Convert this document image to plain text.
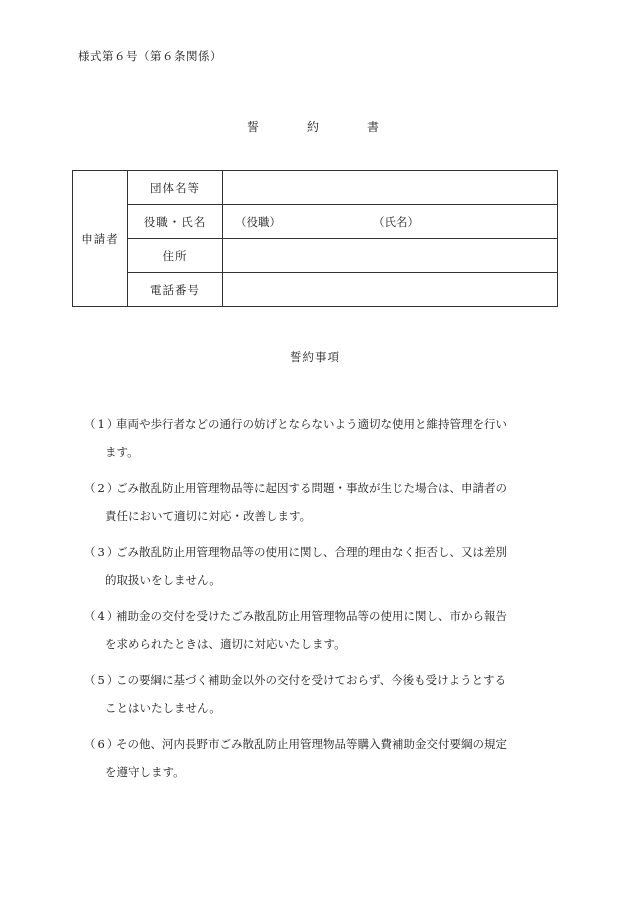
様式第６号（第６条関係）
誓　約　書
申請者	団体名等	
	役職・氏名	（役職） （氏名）

	住所	
	電話番号	
誓約事項
（1）車両や歩行者などの通行の妨げとならないよう適切な使用と維持管理を行い
ます。
（2）ごみ散乱防止用管理物品等に起因する問題・事故が生じた場合は、申請者の
責任において適切に対応・改善します。
（3）ごみ散乱防止用管理物品等の使用に関し、合理的理由なく拒否し、又は差別
的取扱いをしません。
（4）補助金の交付を受けたごみ散乱防止用管理物品等の使用に関し、市から報告
を求められたときは、適切に対応いたします。
（5）この要綱に基づく補助金以外の交付を受けておらず、今後も受けようとする
ことはいたしません。
（6）その他、河内長野市ごみ散乱防止用管理物品等購入費補助金交付要綱の規定
を遵守します。
